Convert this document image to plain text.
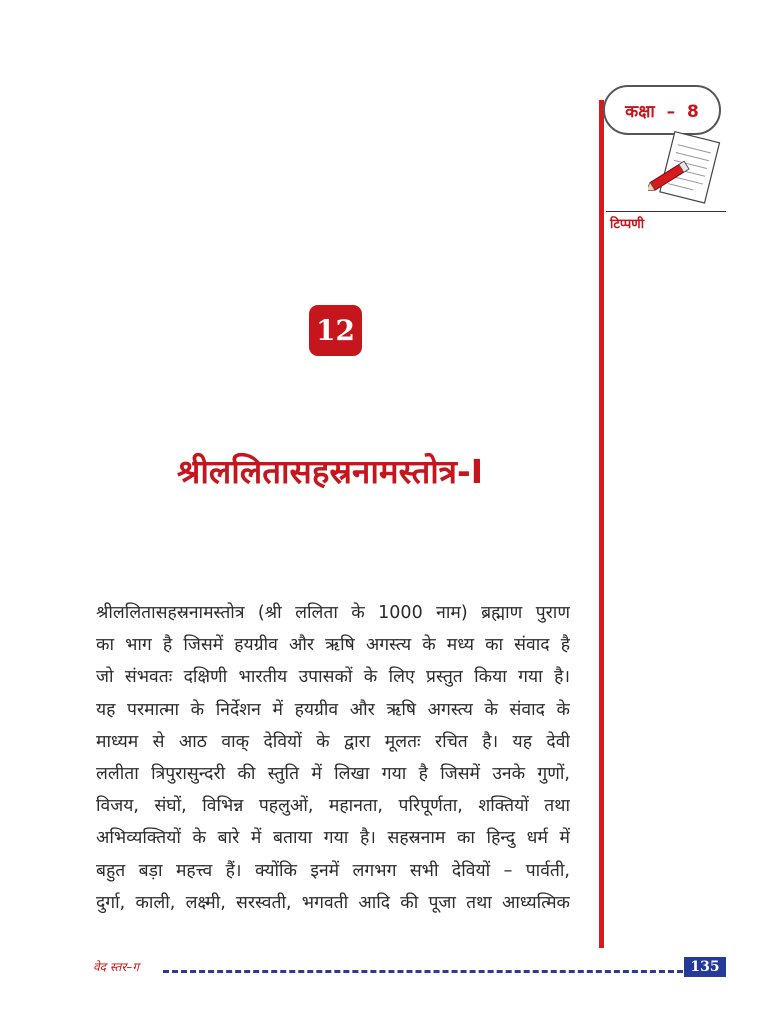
कक्षा  –  8
टिप्पणी
12
श्रीललितासहस्रनामस्तोत्र-I
श्रीललितासहस्रनामस्तोत्र (श्री ललिता के 1000 नाम) ब्रह्माण पुराण
का भाग है जिसमें हयग्रीव और ऋषि अगस्त्य के मध्य का संवाद है
जो संभवतः दक्षिणी भारतीय उपासकों के लिए प्रस्तुत किया गया है।
यह परमात्मा के निर्देशन में हयग्रीव और ऋषि अगस्त्य के संवाद के
माध्यम से आठ वाक् देवियों के द्वारा मूलतः रचित है। यह देवी
ललीता त्रिपुरासुन्दरी की स्तुति में लिखा गया है जिसमें उनके गुणों,
विजय, संघों, विभिन्न पहलुओं, महानता, परिपूर्णता, शक्तियों तथा
अभिव्यक्तियों के बारे में बताया गया है। सहस्रनाम का हिन्दु धर्म में
बहुत बड़ा महत्त्व हैं। क्योंकि इनमें लगभग सभी देवियों – पार्वती,
दुर्गा, काली, लक्ष्मी, सरस्वती, भगवती आदि की पूजा तथा आध्यत्मिक
वेद स्तर–ग	135
